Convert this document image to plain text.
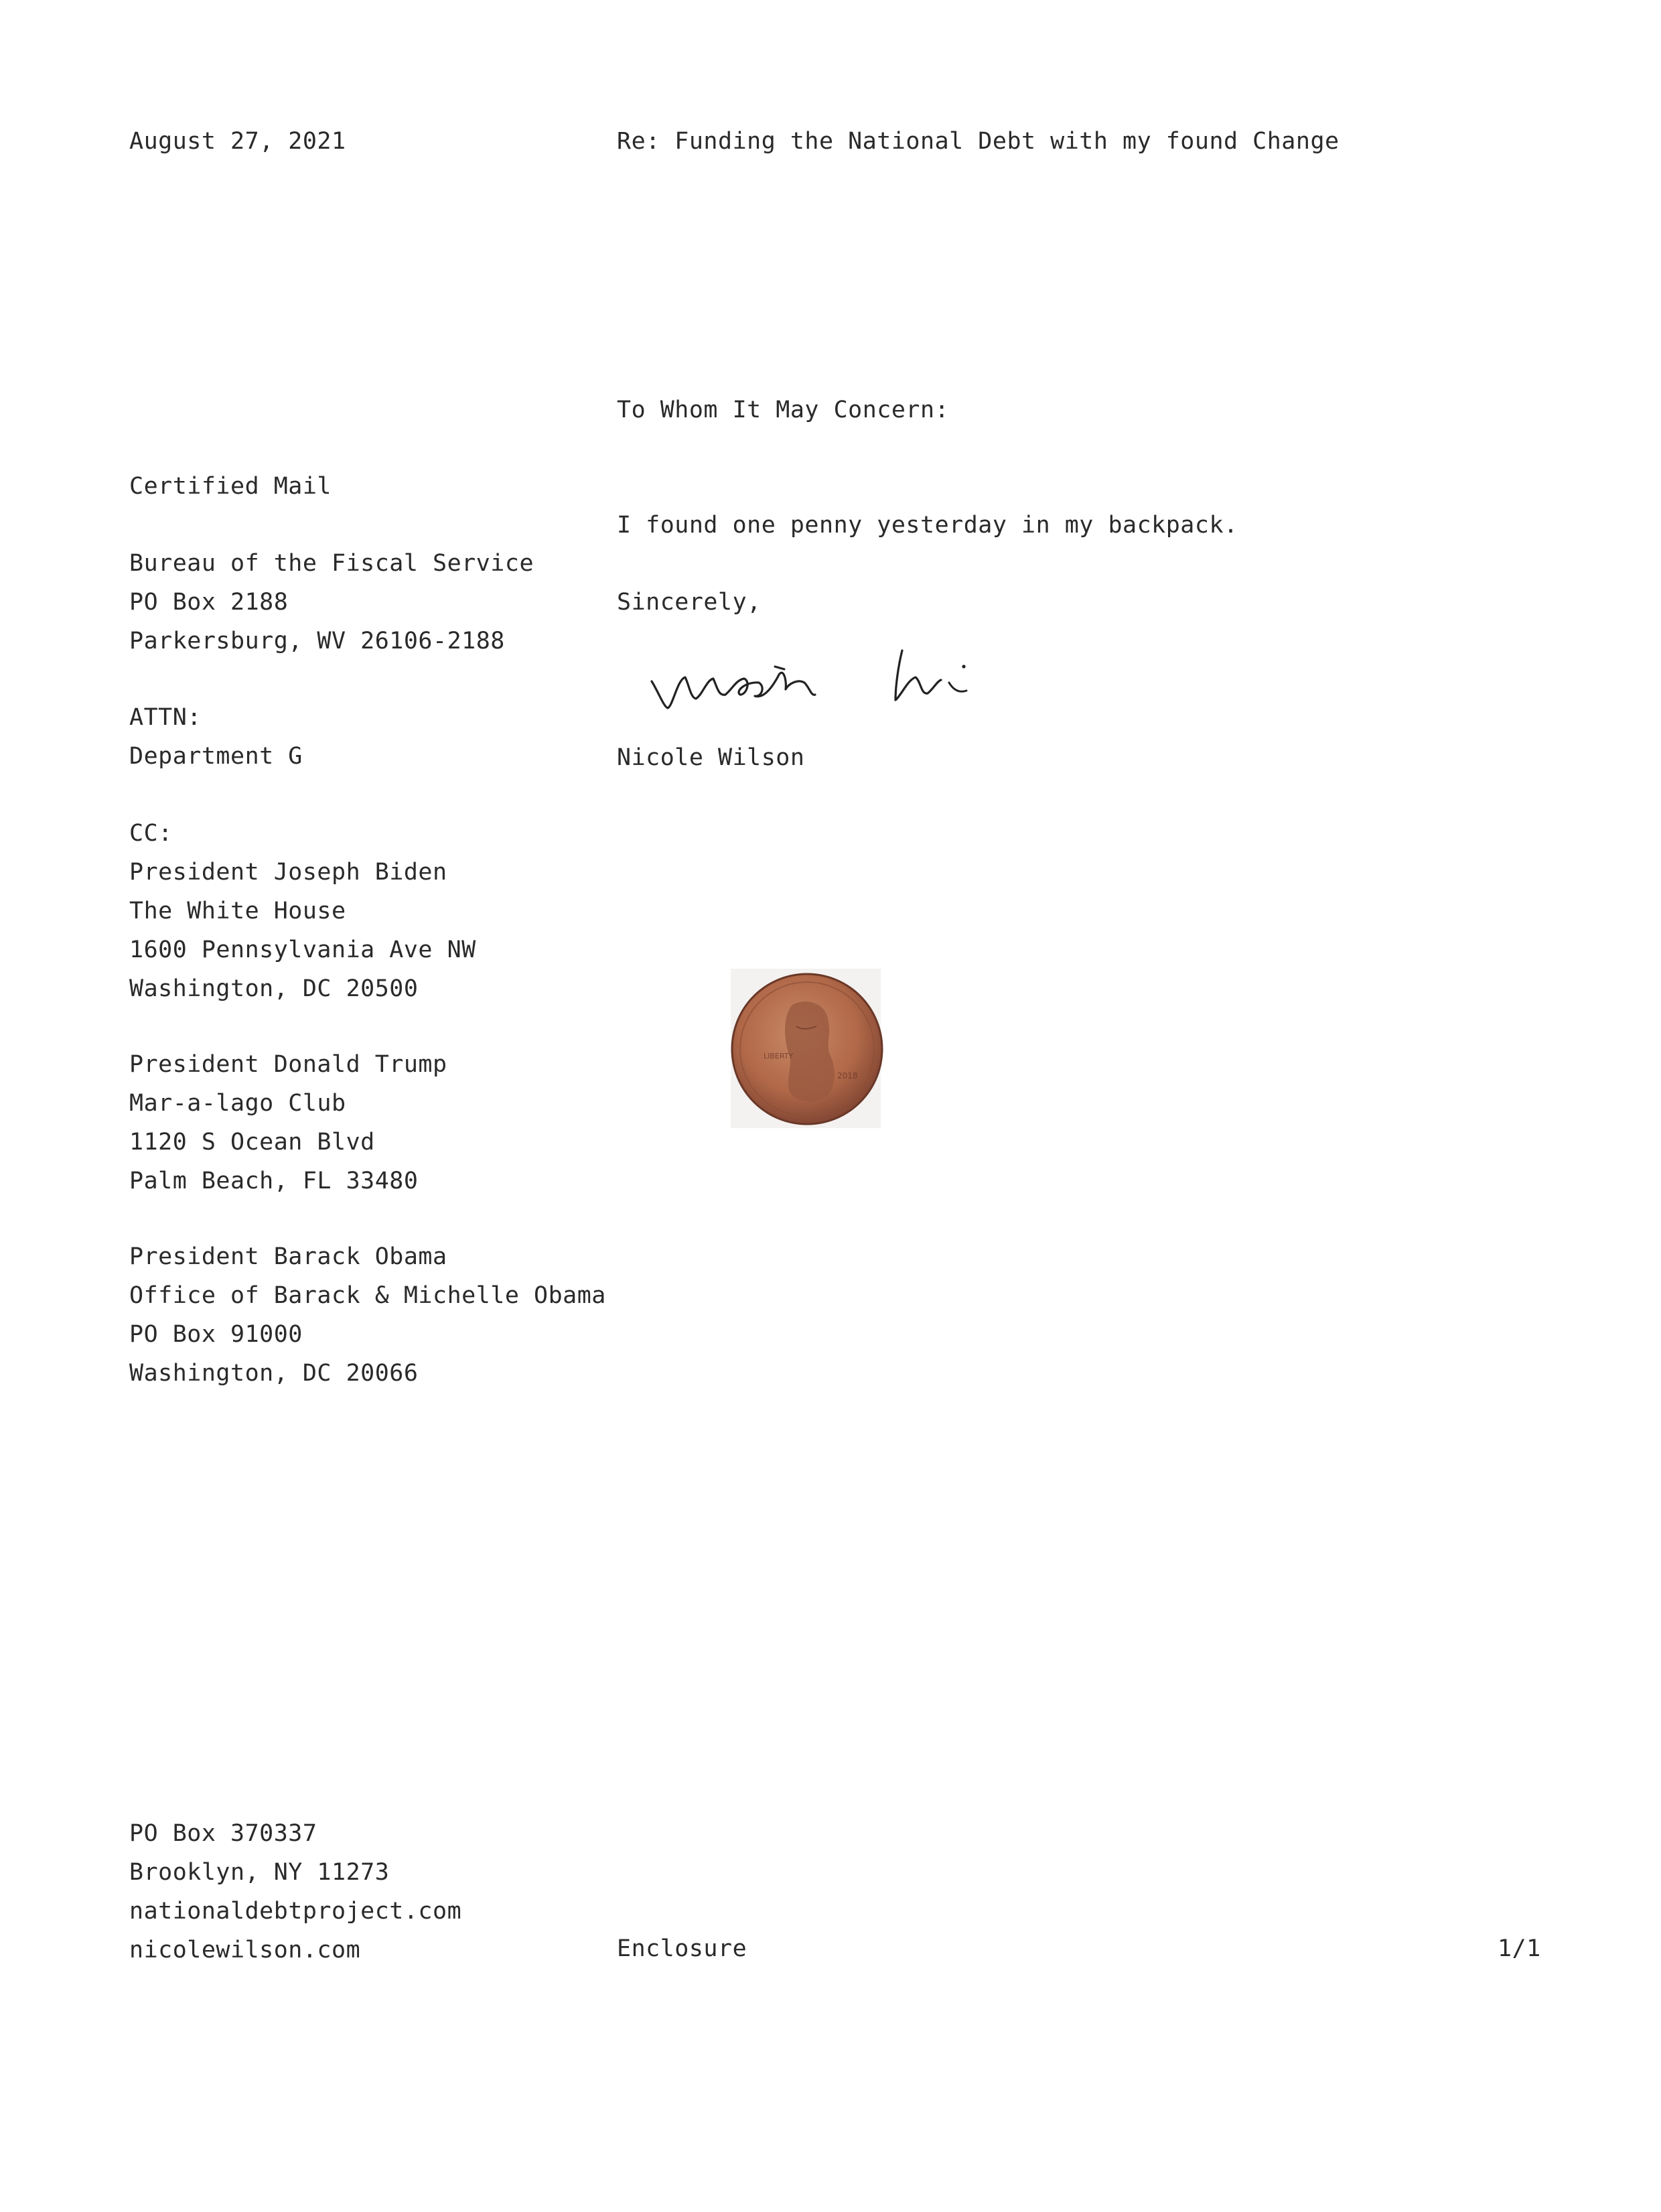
August 27, 2021	Re: Funding the National Debt with my found Change
To Whom It May Concern:
Certified Mail
Bureau of the Fiscal Service
PO Box 2188
Parkersburg, WV 26106-2188
ATTN:
Department G
CC:
President Joseph Biden
The White House
1600 Pennsylvania Ave NW
Washington, DC 20500
President Donald Trump
Mar-a-lago Club
1120 S Ocean Blvd
Palm Beach, FL 33480
President Barack Obama
Office of Barack & Michelle Obama
PO Box 91000
Washington, DC 20066
I found one penny yesterday in my backpack.
Sincerely,
Nicole Wilson
LIBERTY
2018
PO Box 370337
Brooklyn, NY 11273
nationaldebtproject.com
nicolewilson.com	Enclosure	1/1
